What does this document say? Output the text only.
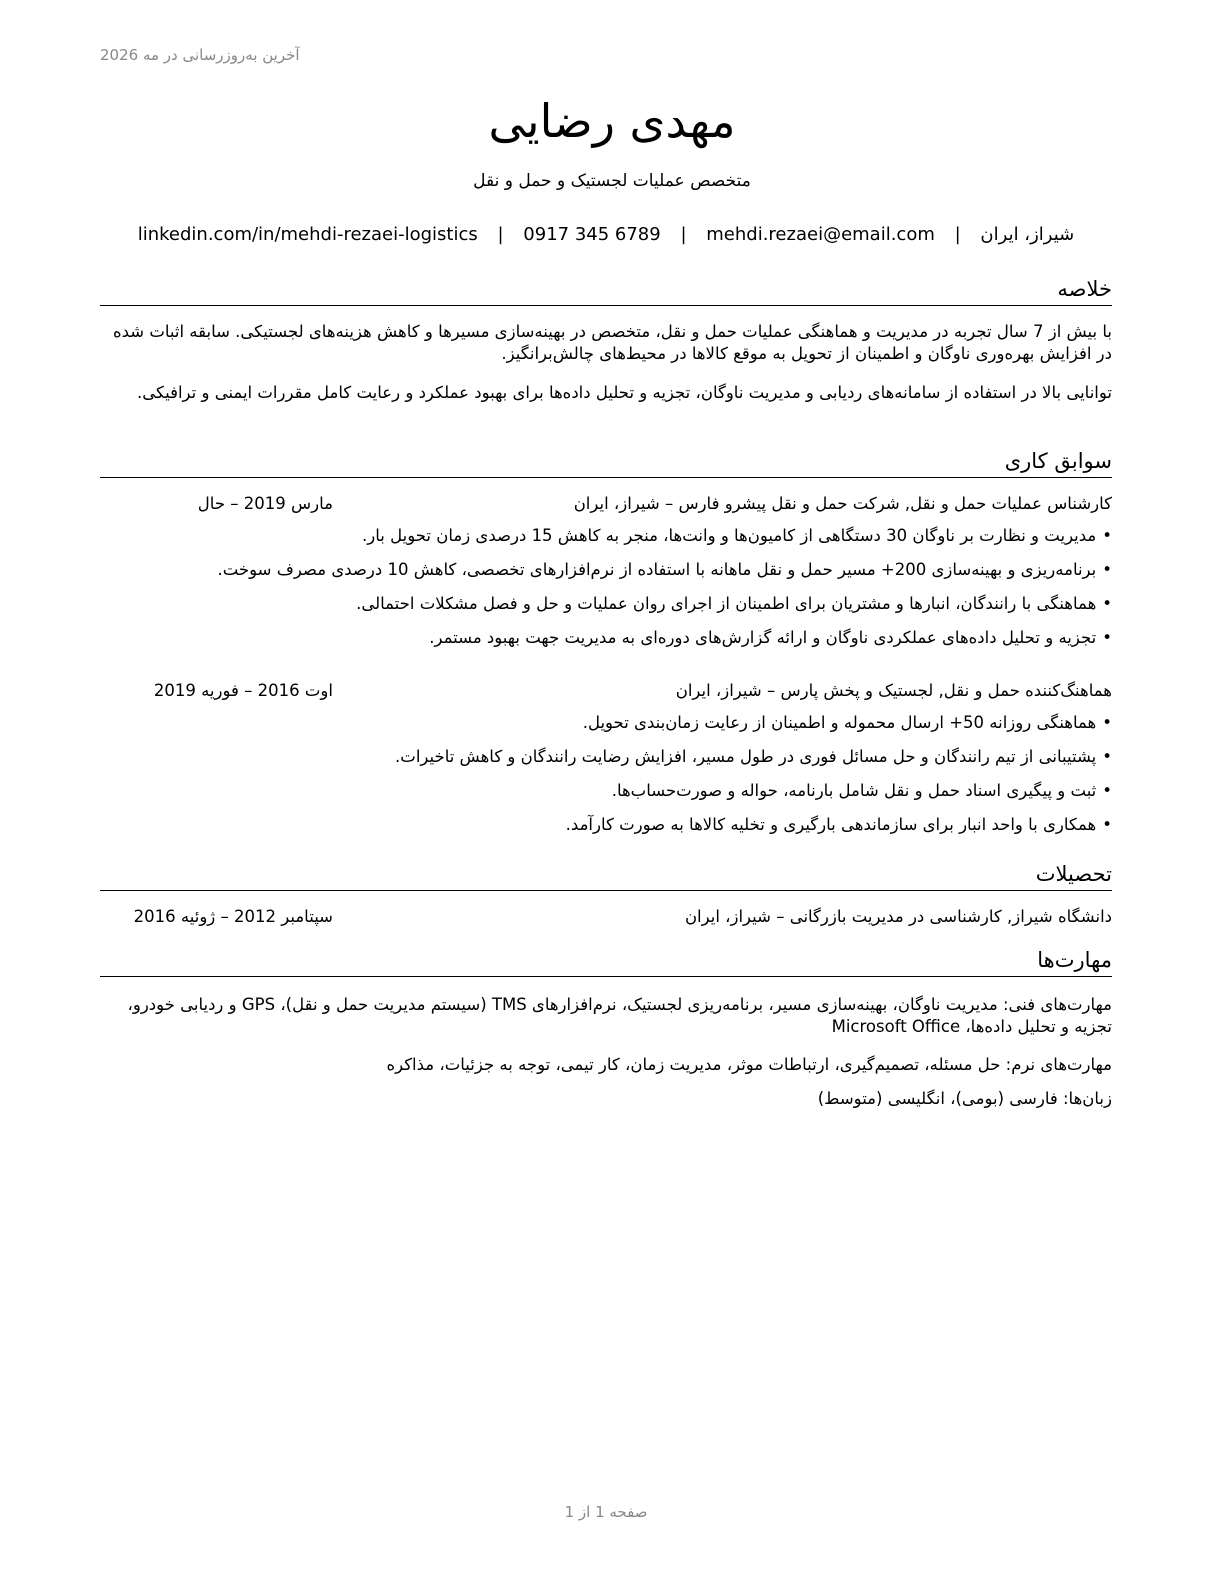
آخرین به‌روزرسانی در مه 2026
مهدی رضایی
متخصص عملیات لجستیک و حمل و نقل
شیراز، ایران | mehdi.rezaei@email.com | 0917 345 6789 | linkedin.com/in/mehdi-rezaei-logistics
خلاصه
با بیش از 7 سال تجربه در مدیریت و هماهنگی عملیات حمل و نقل، متخصص در بهینه‌سازی مسیرها و کاهش هزینه‌های لجستیکی. سابقه اثبات شده در افزایش بهره‌وری ناوگان و اطمینان از تحویل به موقع کالاها در محیط‌های چالش‌برانگیز.
توانایی بالا در استفاده از سامانه‌های ردیابی و مدیریت ناوگان، تجزیه و تحلیل داده‌ها برای بهبود عملکرد و رعایت کامل مقررات ایمنی و ترافیکی.
سوابق کاری
کارشناس عملیات حمل و نقل, شرکت حمل و نقل پیشرو فارس – شیراز، ایران
مارس 2019 – حال
•مدیریت و نظارت بر ناوگان 30 دستگاهی از کامیون‌ها و وانت‌ها، منجر به کاهش 15 درصدی زمان تحویل بار.
•برنامه‌ریزی و بهینه‌سازی 200+ مسیر حمل و نقل ماهانه با استفاده از نرم‌افزارهای تخصصی، کاهش 10 درصدی مصرف سوخت.
•هماهنگی با رانندگان، انبارها و مشتریان برای اطمینان از اجرای روان عملیات و حل و فصل مشکلات احتمالی.
•تجزیه و تحلیل داده‌های عملکردی ناوگان و ارائه گزارش‌های دوره‌ای به مدیریت جهت بهبود مستمر.
هماهنگ‌کننده حمل و نقل, لجستیک و پخش پارس – شیراز، ایران
اوت 2016 – فوریه 2019
•هماهنگی روزانه 50+ ارسال محموله و اطمینان از رعایت زمان‌بندی تحویل.
•پشتیبانی از تیم رانندگان و حل مسائل فوری در طول مسیر، افزایش رضایت رانندگان و کاهش تاخیرات.
•ثبت و پیگیری اسناد حمل و نقل شامل بارنامه، حواله و صورت‌حساب‌ها.
•همکاری با واحد انبار برای سازماندهی بارگیری و تخلیه کالاها به صورت کارآمد.
تحصیلات
دانشگاه شیراز, کارشناسی در مدیریت بازرگانی – شیراز، ایران
سپتامبر 2012 – ژوئیه 2016
مهارت‌ها
مهارت‌های فنی: مدیریت ناوگان، بهینه‌سازی مسیر، برنامه‌ریزی لجستیک، نرم‌افزارهای TMS (سیستم مدیریت حمل و نقل)، GPS و ردیابی خودرو، تجزیه و تحلیل داده‌ها، Microsoft Office
مهارت‌های نرم: حل مسئله، تصمیم‌گیری، ارتباطات موثر، مدیریت زمان، کار تیمی، توجه به جزئیات، مذاکره
زبان‌ها: فارسی (بومی)، انگلیسی (متوسط)
صفحه 1 از 1
